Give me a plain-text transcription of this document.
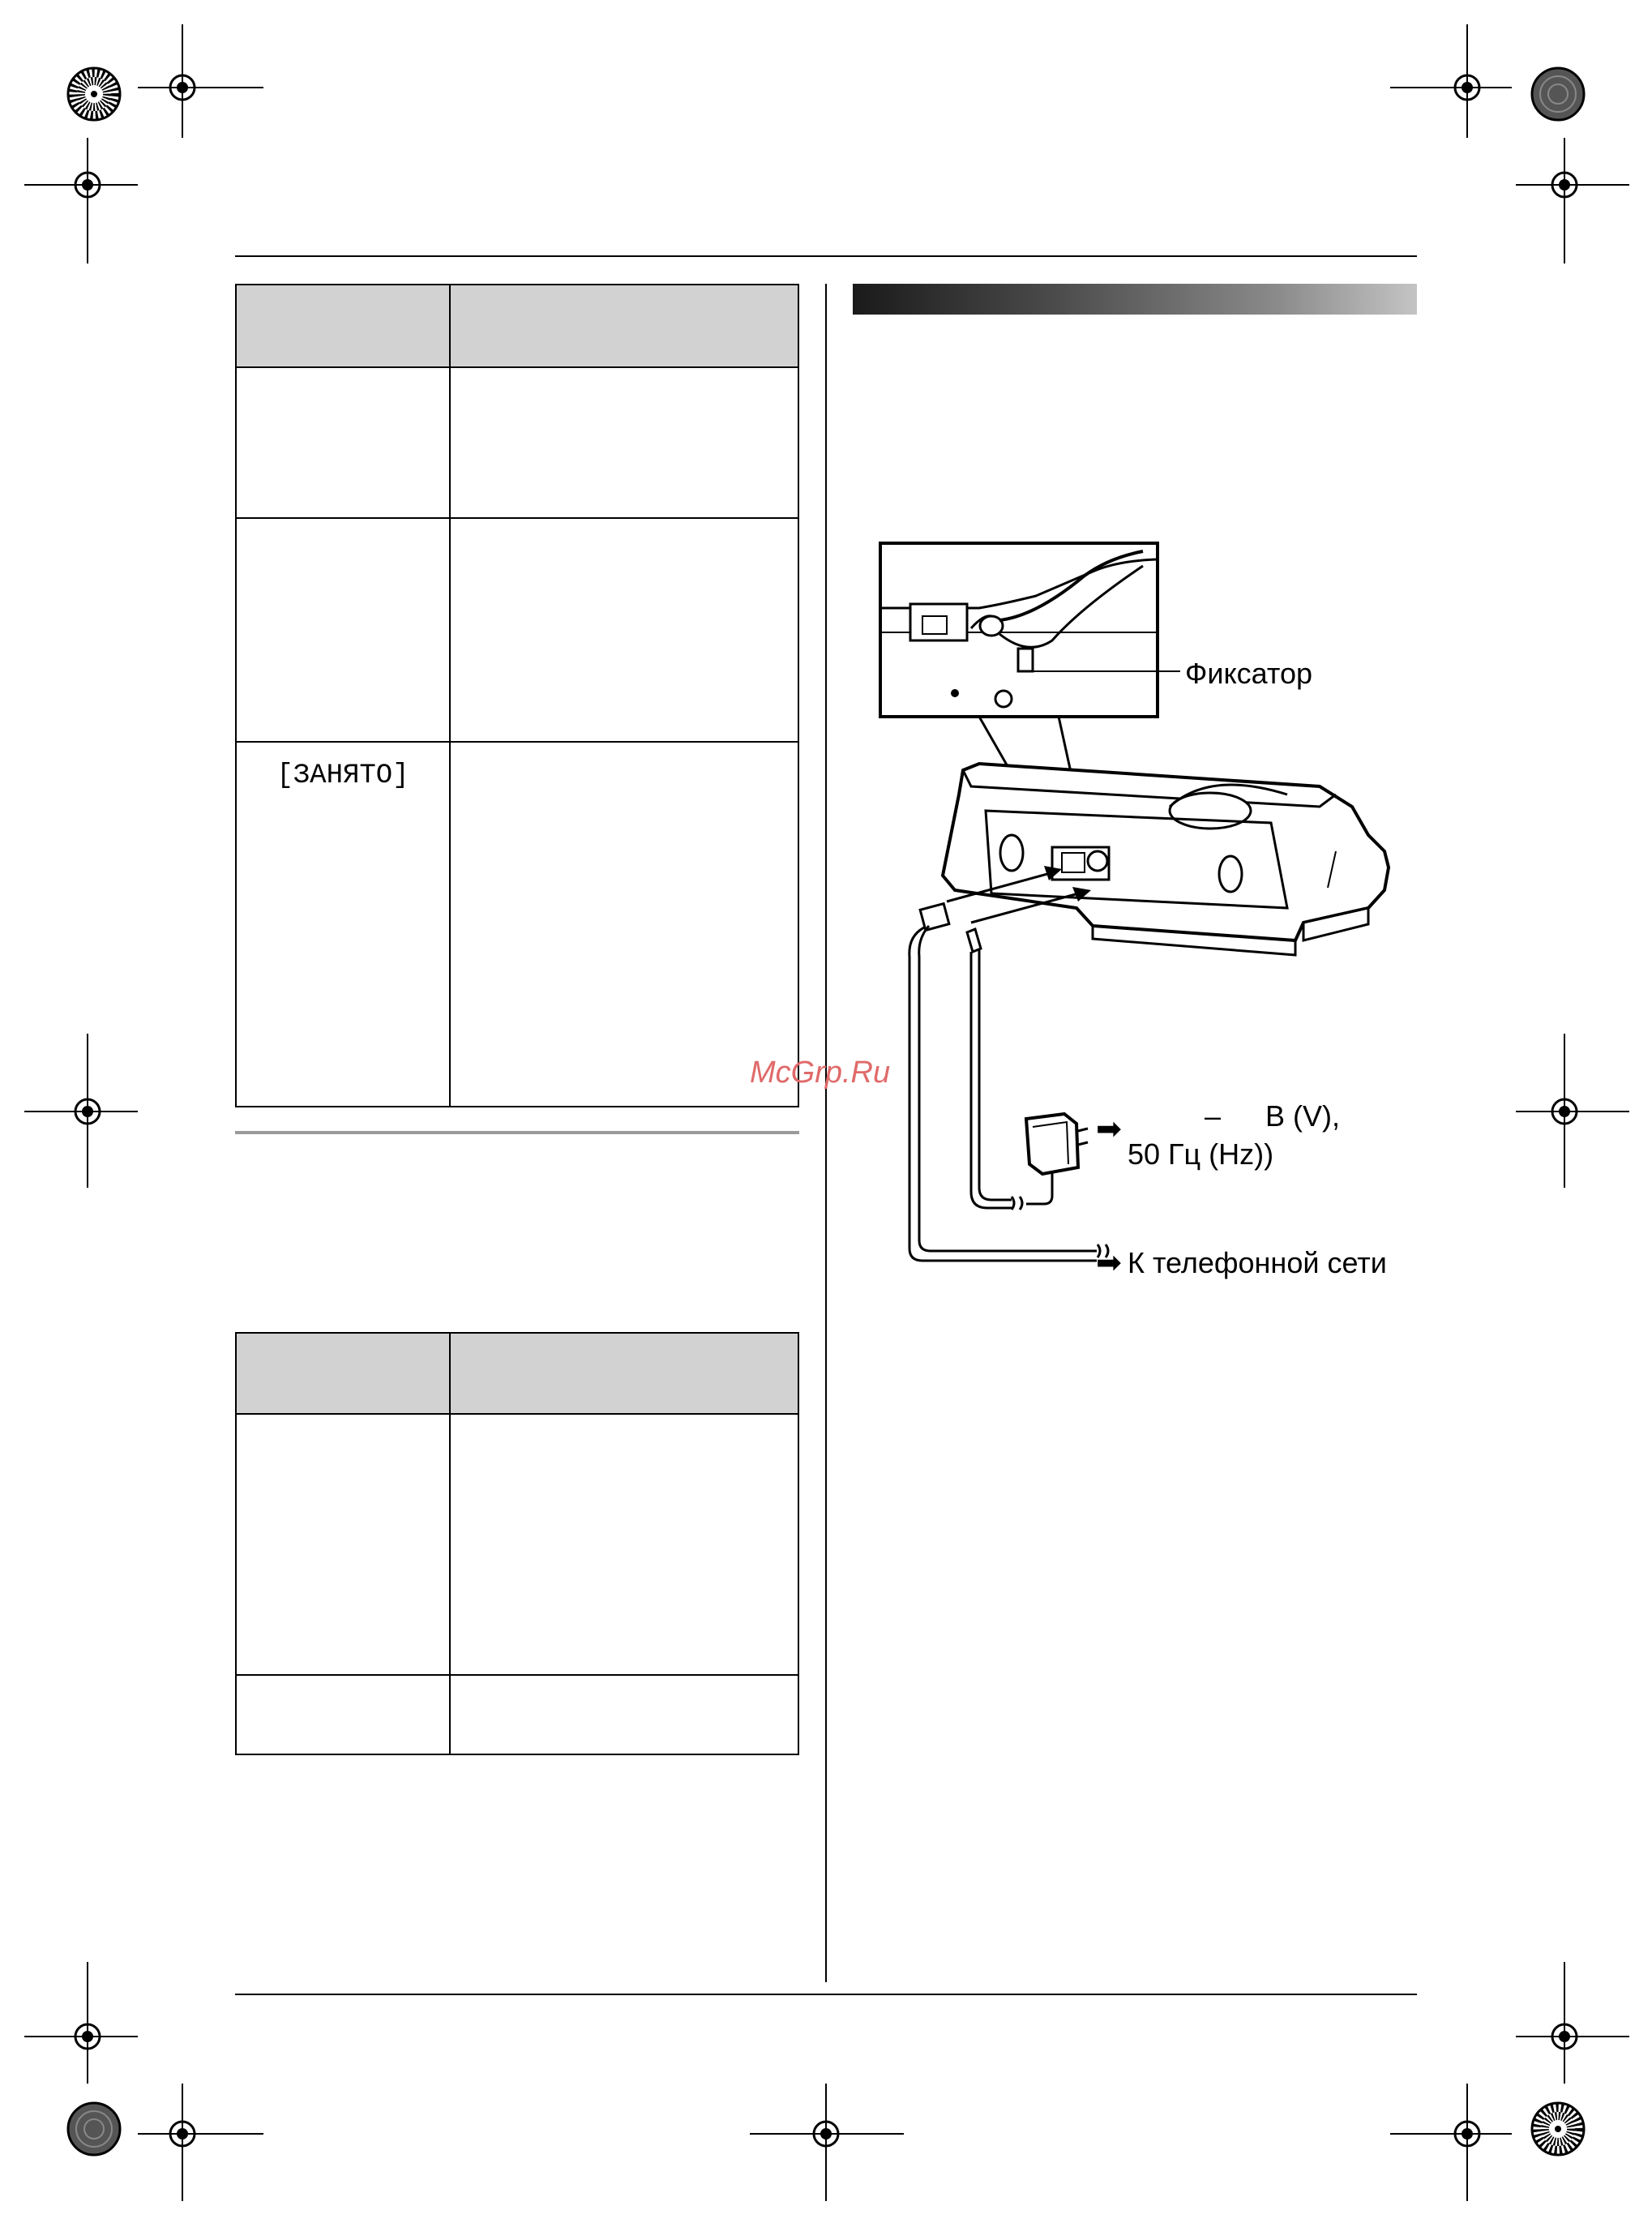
[ЗАНЯТО]	

Фиксатор
➡	– В (V),
50 Гц (Hz))
➡ К телефонной сети
McGrp.Ru
